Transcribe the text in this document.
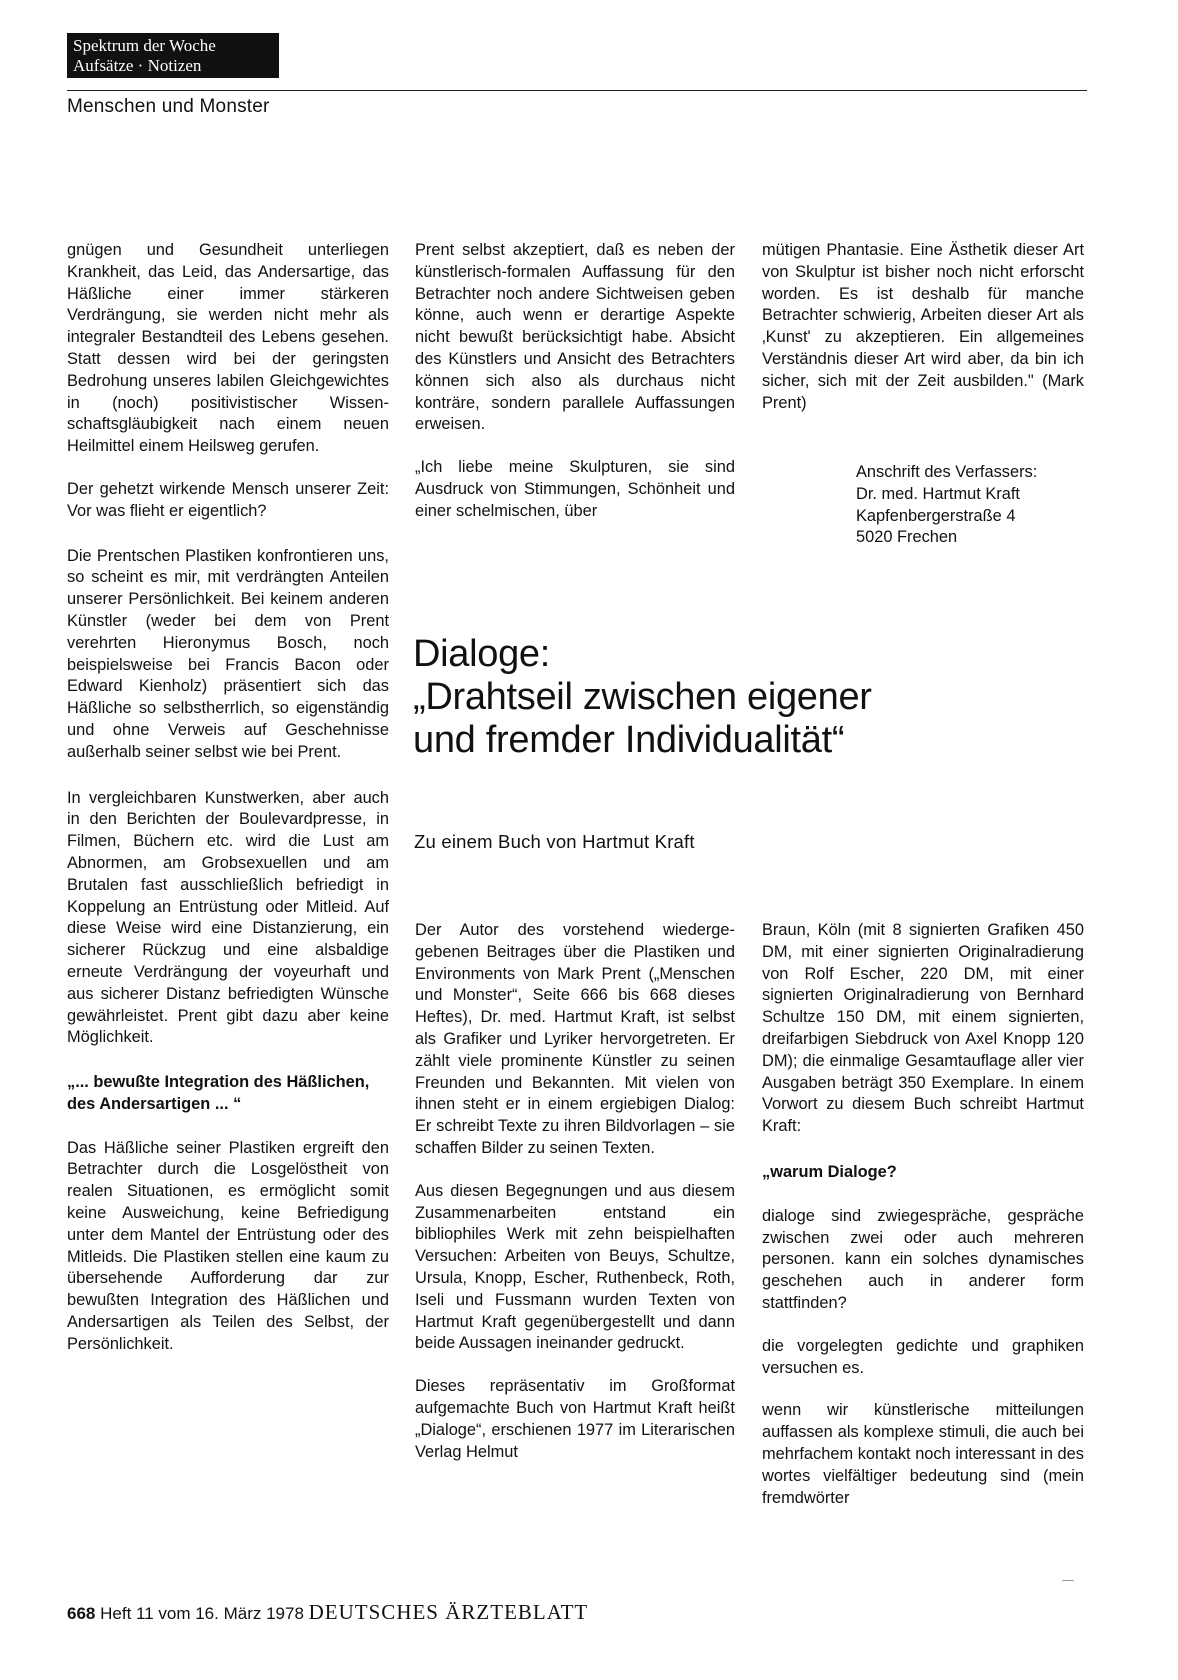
Spektrum der Woche
Aufsätze · Notizen
Menschen und Monster

gnügen und Gesundheit unterliegen Krankheit, das Leid, das Andersartige, das Häßliche einer immer stärkeren Verdrängung, sie werden nicht mehr als integraler Bestandteil des Lebens gesehen. Statt dessen wird bei der geringsten Bedrohung unseres labilen Gleichgewichtes in (noch) positivistischer Wissenschaftsgläubigkeit nach einem neuen Heilmittel einem Heilsweg gerufen.

Der gehetzt wirkende Mensch unserer Zeit: Vor was flieht er eigentlich?

Die Prentschen Plastiken konfrontieren uns, so scheint es mir, mit verdrängten Anteilen unserer Persönlichkeit. Bei keinem anderen Künstler (weder bei dem von Prent verehrten Hieronymus Bosch, noch beispielsweise bei Francis Bacon oder Edward Kienholz) präsentiert sich das Häßliche so selbstherrlich, so eigenständig und ohne Verweis auf Geschehnisse außerhalb seiner selbst wie bei Prent.

In vergleichbaren Kunstwerken, aber auch in den Berichten der Boulevardpresse, in Filmen, Büchern etc. wird die Lust am Abnormen, am Grobsexuellen und am Brutalen fast ausschließlich befriedigt in Koppelung an Entrüstung oder Mitleid. Auf diese Weise wird eine Distanzierung, ein sicherer Rückzug und eine alsbaldige erneute Verdrängung der voyeurhaft und aus sicherer Distanz befriedigten Wünsche gewährleistet. Prent gibt dazu aber keine Möglichkeit.

„... bewußte Integration des Häßlichen, des Andersartigen ... “

Das Häßliche seiner Plastiken ergreift den Betrachter durch die Losgelöstheit von realen Situationen, es ermöglicht somit keine Ausweichung, keine Befriedigung unter dem Mantel der Entrüstung oder des Mitleids. Die Plastiken stellen eine kaum zu übersehende Aufforderung dar zur bewußten Integration des Häßlichen und Andersartigen als Teilen des Selbst, der Persönlichkeit.

Prent selbst akzeptiert, daß es neben der künstlerisch-formalen Auffassung für den Betrachter noch andere Sichtweisen geben könne, auch wenn er derartige Aspekte nicht bewußt berücksichtigt habe. Absicht des Künstlers und Ansicht des Betrachters können sich also als durchaus nicht konträre, sondern parallele Auffassungen erweisen.

„Ich liebe meine Skulpturen, sie sind Ausdruck von Stimmungen, Schönheit und einer schelmischen, über

mütigen Phantasie. Eine Ästhetik dieser Art von Skulptur ist bisher noch nicht erforscht worden. Es ist deshalb für manche Betrachter schwierig, Arbeiten dieser Art als ‚Kunst' zu akzeptieren. Ein allgemeines Verständnis dieser Art wird aber, da bin ich sicher, sich mit der Zeit ausbilden." (Mark Prent)

Anschrift des Verfassers:
Dr. med. Hartmut Kraft
Kapfenbergerstraße 4
5020 Frechen
Dialoge:
„Drahtseil zwischen eigener
und fremder Individualität“
Zu einem Buch von Hartmut Kraft

Der Autor des vorstehend wiedergegebenen Beitrages über die Plastiken und Environments von Mark Prent („Menschen und Monster“, Seite 666 bis 668 dieses Heftes), Dr. med. Hartmut Kraft, ist selbst als Grafiker und Lyriker hervorgetreten. Er zählt viele prominente Künstler zu seinen Freunden und Bekannten. Mit vielen von ihnen steht er in einem ergiebigen Dialog: Er schreibt Texte zu ihren Bildvorlagen – sie schaffen Bilder zu seinen Texten.

Aus diesen Begegnungen und aus diesem Zusammenarbeiten entstand ein bibliophiles Werk mit zehn beispielhaften Versuchen: Arbeiten von Beuys, Schultze, Ursula, Knopp, Escher, Ruthenbeck, Roth, Iseli und Fussmann wurden Texten von Hartmut Kraft gegenübergestellt und dann beide Aussagen ineinander gedruckt.

Dieses repräsentativ im Großformat aufgemachte Buch von Hartmut Kraft heißt „Dialoge“, erschienen 1977 im Literarischen Verlag Helmut

Braun, Köln (mit 8 signierten Grafiken 450 DM, mit einer signierten Originalradierung von Rolf Escher, 220 DM, mit einer signierten Originalradierung von Bernhard Schultze 150 DM, mit einem signierten, dreifarbigen Siebdruck von Axel Knopp 120 DM); die einmalige Gesamtauflage aller vier Ausgaben beträgt 350 Exemplare. In einem Vorwort zu diesem Buch schreibt Hartmut Kraft:

„warum Dialoge?

dialoge sind zwiegespräche, gespräche zwischen zwei oder auch mehreren personen. kann ein solches dynamisches geschehen auch in anderer form stattfinden?

die vorgelegten gedichte und graphiken versuchen es.

wenn wir künstlerische mitteilungen auffassen als komplexe stimuli, die auch bei mehrfachem kontakt noch interessant in des wortes vielfältiger bedeutung sind (mein fremdwörter

668 Heft 11 vom 16. März 1978 DEUTSCHES ÄRZTEBLATT
